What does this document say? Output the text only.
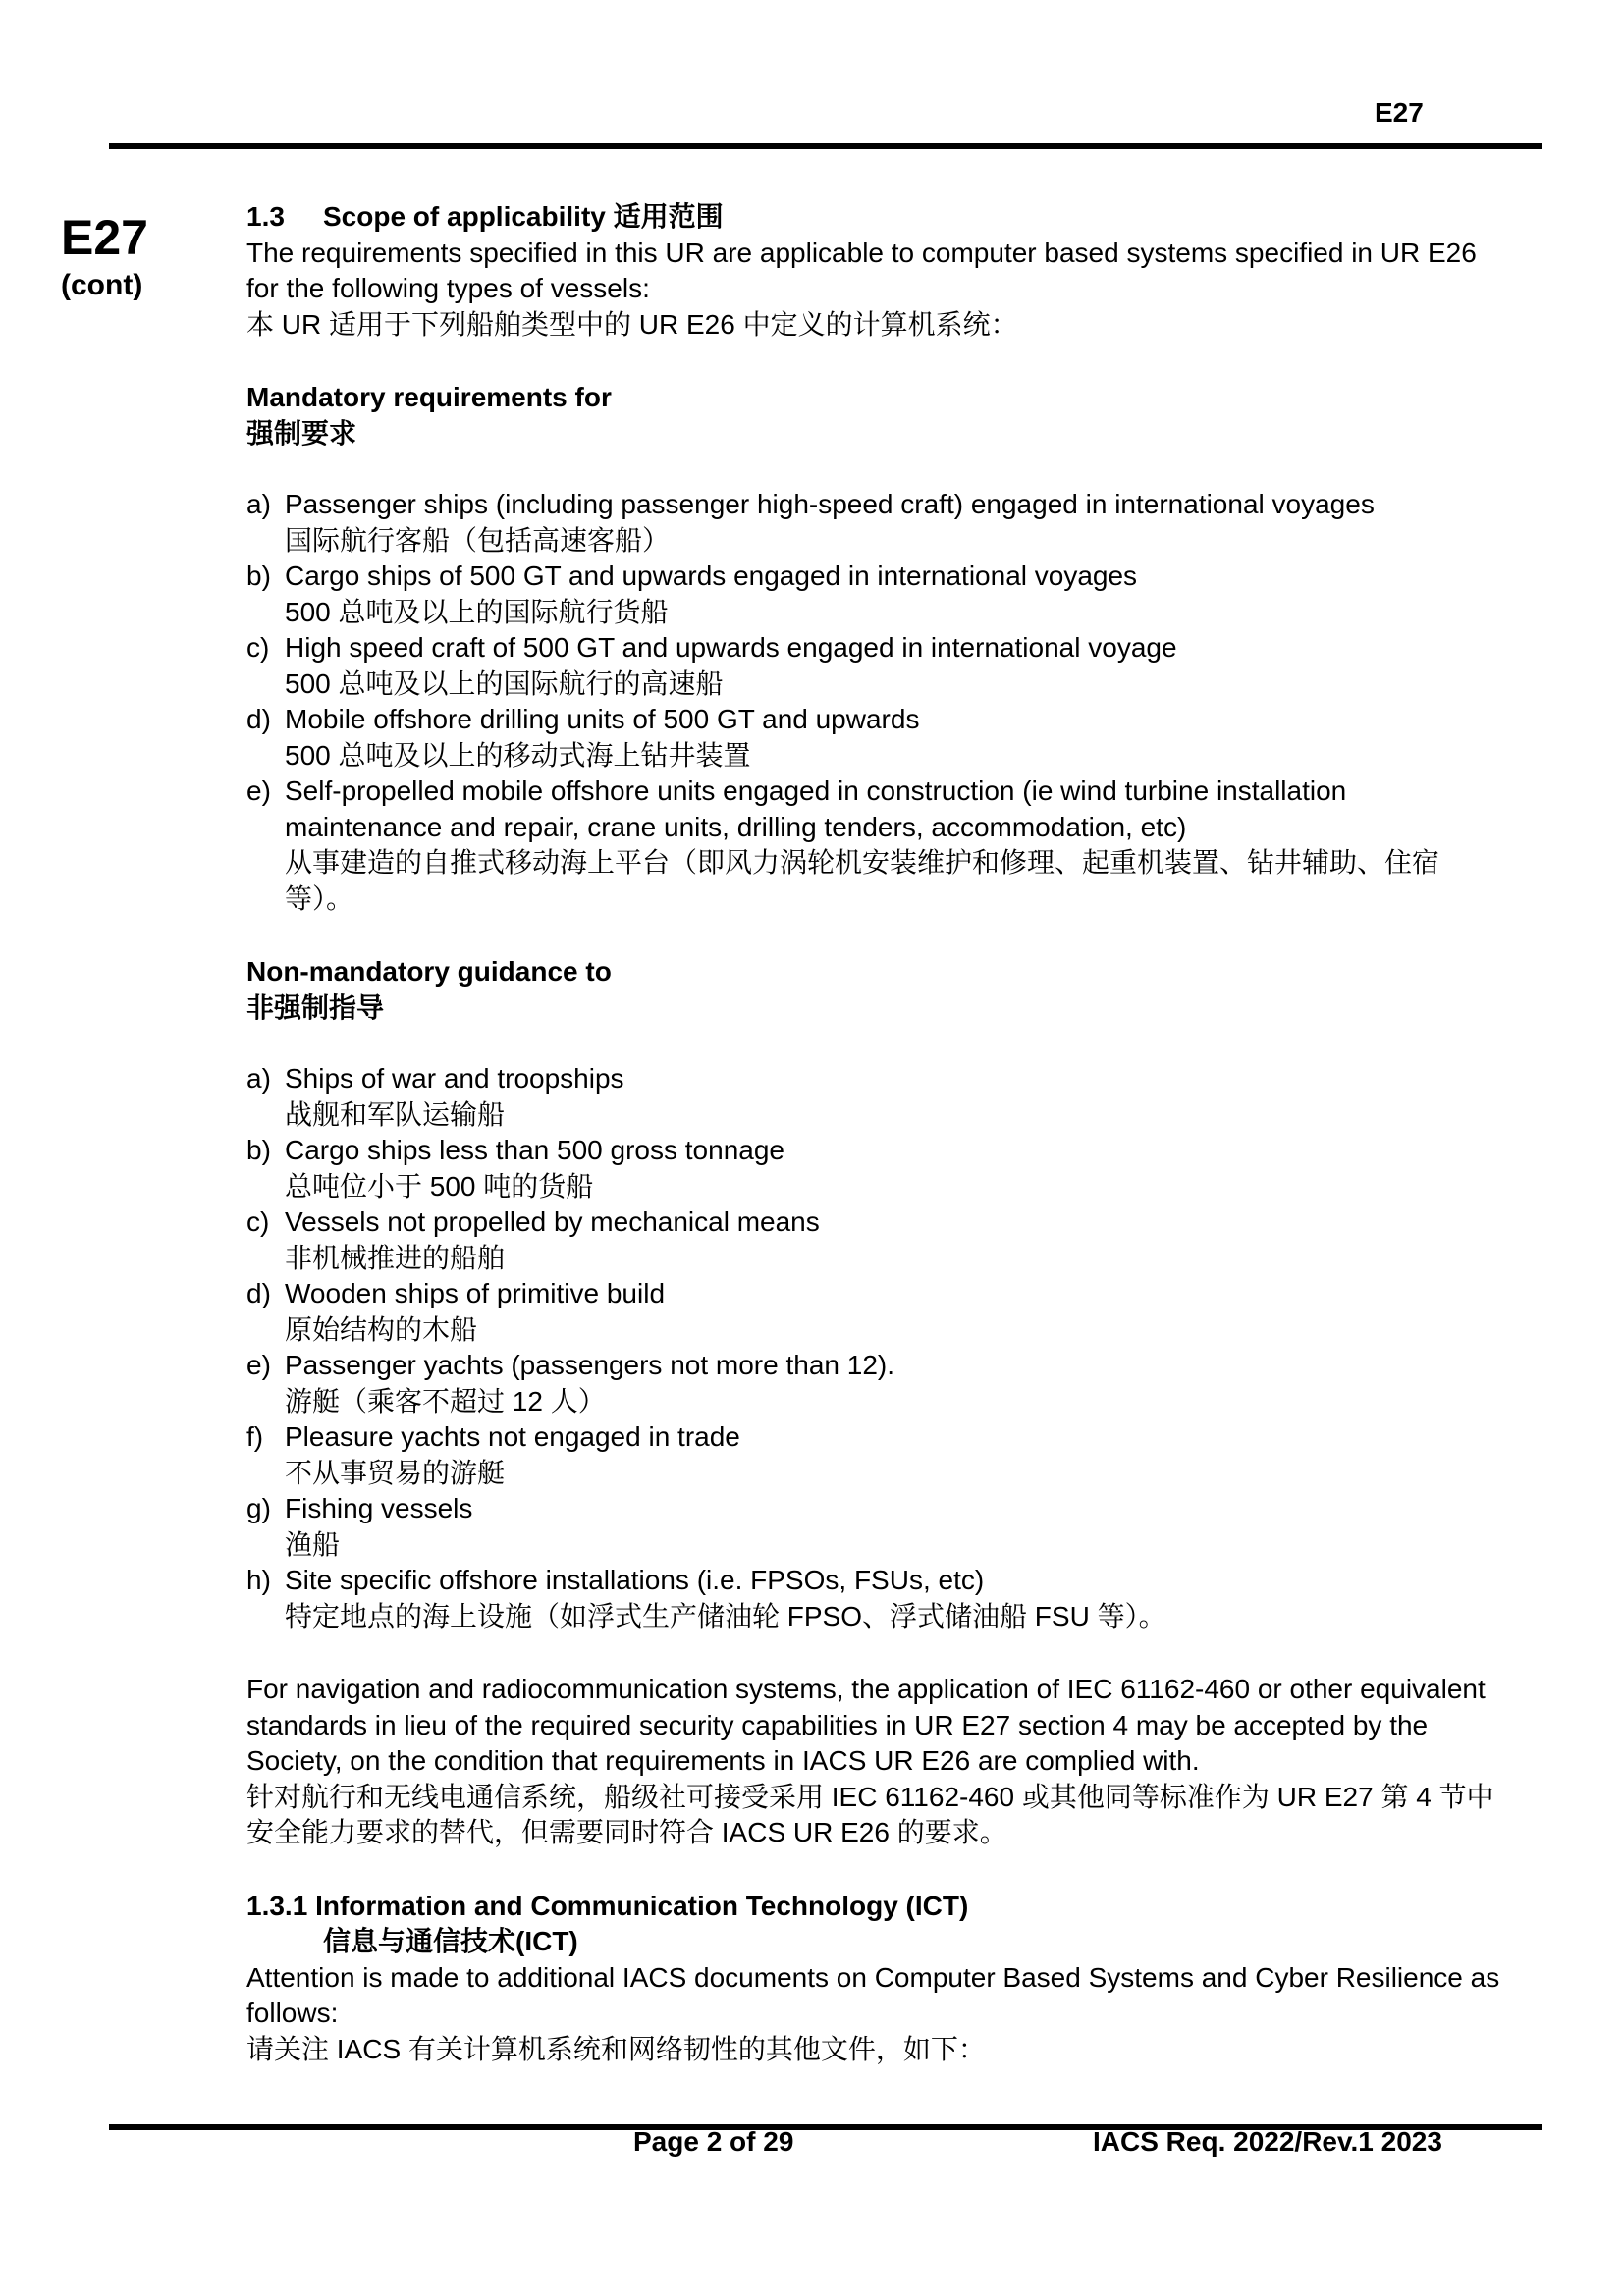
E27
E27
(cont)

1.3 Scope of applicability 适用范围

The requirements specified in this UR are applicable to computer based systems specified in UR E26 for the following types of vessels:

本 UR 适用于下列船舶类型中的 UR E26 中定义的计算机系统：

Mandatory requirements for

强制要求

a) Passenger ships (including passenger high-speed craft) engaged in international voyages
国际航行客船（包括高速客船）
b) Cargo ships of 500 GT and upwards engaged in international voyages
500 总吨及以上的国际航行货船
c) High speed craft of 500 GT and upwards engaged in international voyage
500 总吨及以上的国际航行的高速船
d) Mobile offshore drilling units of 500 GT and upwards
500 总吨及以上的移动式海上钻井装置
e) Self-propelled mobile offshore units engaged in construction (ie wind turbine installation maintenance and repair, crane units, drilling tenders, accommodation, etc)
从事建造的自推式移动海上平台（即风力涡轮机安装维护和修理、起重机装置、钻井辅助、住宿等）。

Non-mandatory guidance to

非强制指导

a) Ships of war and troopships
战舰和军队运输船
b) Cargo ships less than 500 gross tonnage
总吨位小于 500 吨的货船
c) Vessels not propelled by mechanical means
非机械推进的船舶
d) Wooden ships of primitive build
原始结构的木船
e) Passenger yachts (passengers not more than 12).
游艇（乘客不超过 12 人）
f) Pleasure yachts not engaged in trade
不从事贸易的游艇
g) Fishing vessels
渔船
h) Site specific offshore installations (i.e. FPSOs, FSUs, etc)
特定地点的海上设施（如浮式生产储油轮 FPSO、浮式储油船 FSU 等）。

For navigation and radiocommunication systems, the application of IEC 61162-460 or other equivalent standards in lieu of the required security capabilities in UR E27 section 4 may be accepted by the Society, on the condition that requirements in IACS UR E26 are complied with.

针对航行和无线电通信系统，船级社可接受采用 IEC 61162-460 或其他同等标准作为 UR E27 第 4 节中安全能力要求的替代，但需要同时符合 IACS UR E26 的要求。

1.3.1 Information and Communication Technology (ICT)

信息与通信技术(ICT)

Attention is made to additional IACS documents on Computer Based Systems and Cyber Resilience as follows:

请关注 IACS 有关计算机系统和网络韧性的其他文件，如下：

Page 2 of 29	IACS Req. 2022/Rev.1 2023
